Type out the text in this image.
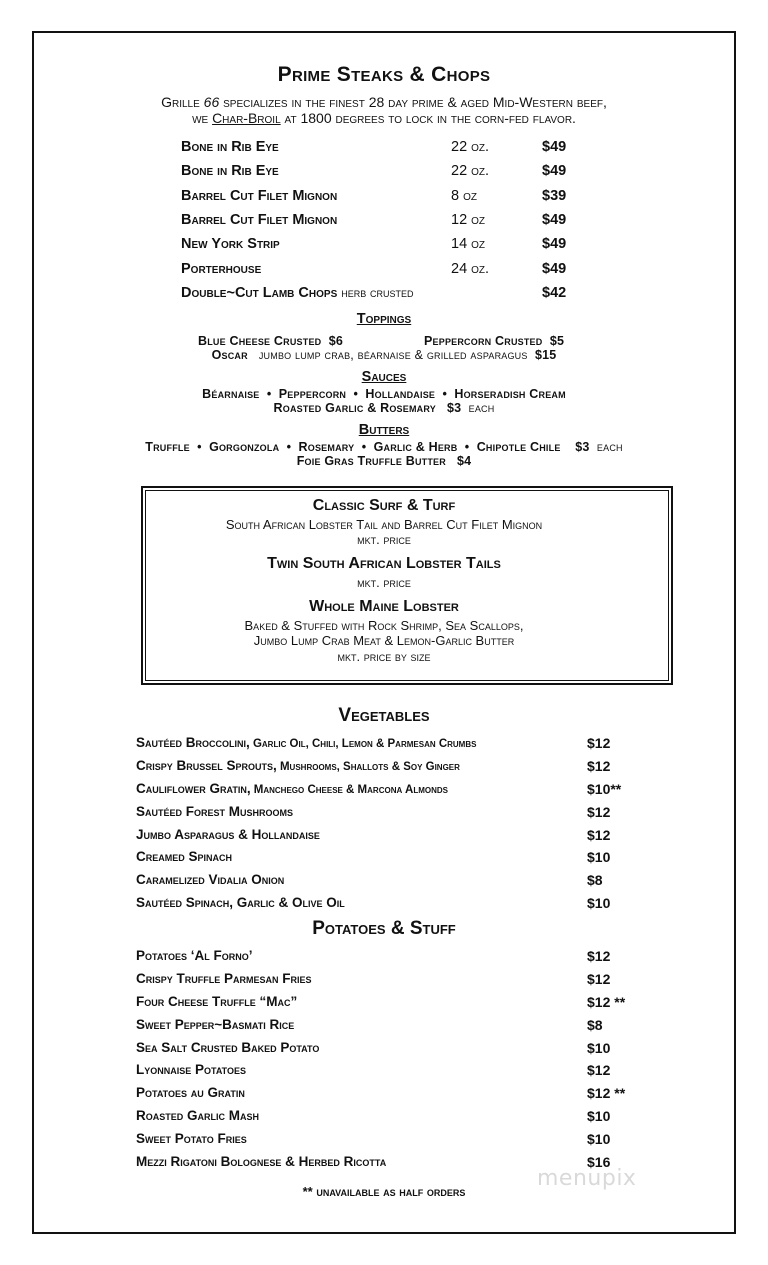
Prime Steaks & Chops
Grille 66 specializes in the finest 28 day prime & aged Mid-Western beef,
we Char-Broil at 1800 degrees to lock in the corn-fed flavor.
Bone in Rib Eye	22 oz.	$49
Bone in Rib Eye	22 oz.	$49
Barrel Cut Filet Mignon	8 oz	$39
Barrel Cut Filet Mignon	12 oz	$49
New York Strip	14 oz	$49
Porterhouse	24 oz.	$49
Double~Cut Lamb Chops herb crusted	$42
Toppings
Blue Cheese Crusted $6	Peppercorn Crusted $5
Oscar jumbo lump crab, béarnaise & grilled asparagus $15
Sauces
Béarnaise  •  Peppercorn  •  Hollandaise  •  Horseradish Cream
Roasted Garlic & Rosemary $3 each
Butters
Truffle  •  Gorgonzola  •  Rosemary  •  Garlic & Herb  •  Chipotle Chile $3 each
Foie Gras Truffle Butter $4
Classic Surf & Turf
South African Lobster Tail and Barrel Cut Filet Mignon
mkt. price
Twin South African Lobster Tails
mkt. price
Whole Maine Lobster
Baked & Stuffed with Rock Shrimp, Sea Scallops,
Jumbo Lump Crab Meat & Lemon-Garlic Butter
mkt. price by size
Vegetables
Sautéed Broccolini, Garlic Oil, Chili, Lemon & Parmesan Crumbs	$12
Crispy Brussel Sprouts, Mushrooms, Shallots & Soy Ginger	$12
Cauliflower Gratin, Manchego Cheese & Marcona Almonds	$10**
Sautéed Forest Mushrooms	$12
Jumbo Asparagus & Hollandaise	$12
Creamed Spinach	$10
Caramelized Vidalia Onion	$8
Sautéed Spinach, Garlic & Olive Oil	$10
Potatoes & Stuff
Potatoes ‘Al Forno’	$12
Crispy Truffle Parmesan Fries	$12
Four Cheese Truffle “Mac”	$12 **
Sweet Pepper~Basmati Rice	$8
Sea Salt Crusted Baked Potato	$10
Lyonnaise Potatoes	$12
Potatoes au Gratin	$12 **
Roasted Garlic Mash	$10
Sweet Potato Fries	$10
Mezzi Rigatoni Bolognese & Herbed Ricotta	$16
menupix
** unavailable as half orders
